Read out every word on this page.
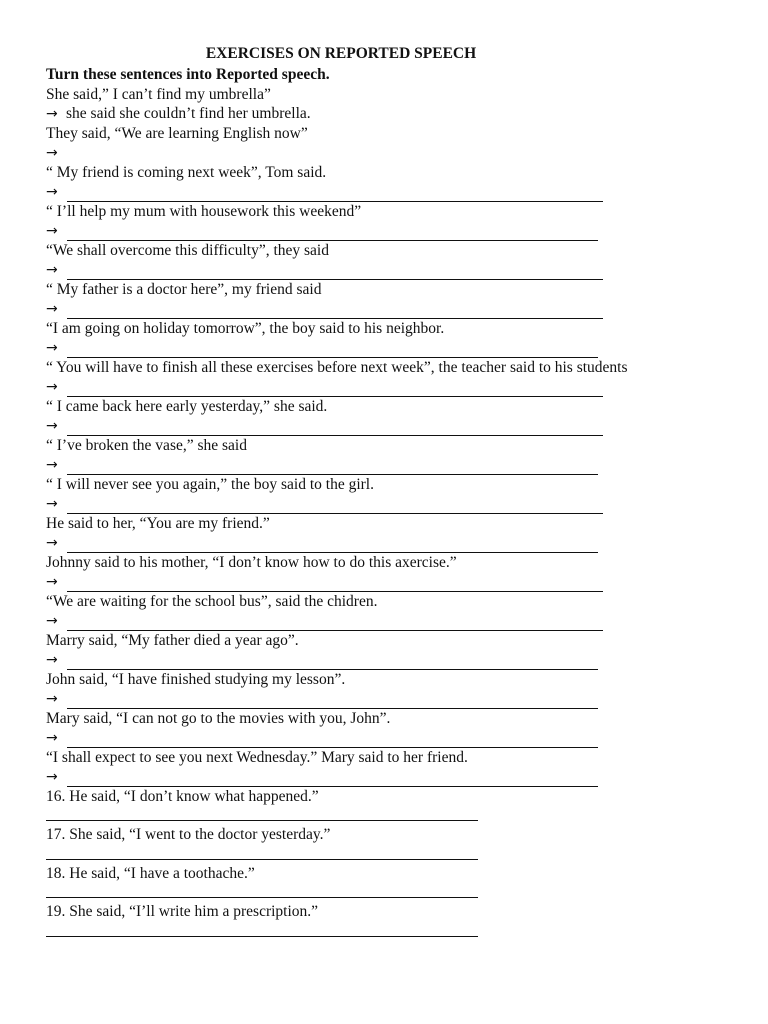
EXERCISES ON REPORTED SPEECH
Turn these sentences into Reported speech.
She said,” I can’t find my umbrella”
→ she said she couldn’t find her umbrella.
They said, “We are learning English now”
→
“ My friend is coming next week”, Tom said.
→
“ I’ll help my mum with housework this weekend”
→
“We shall overcome this difficulty”, they said
→
“ My father is a doctor here”, my friend said
→
“I am going on holiday tomorrow”, the boy said to his neighbor.
→
“ You will have to finish all these exercises before next week”, the teacher said to his students
→
“ I came back here early yesterday,” she said.
→
“ I’ve broken the vase,” she said
→
“ I will never see you again,” the boy said to the girl.
→
He said to her, “You are my friend.”
→
Johnny said to his mother, “I don’t know how to do this axercise.”
→
“We are waiting for the school bus”, said the chidren.
→
Marry said, “My father died a year ago”.
→
John said, “I have finished studying my lesson”.
→
Mary said, “I can not go to the movies with you, John”.
→
“I shall expect to see you next Wednesday.” Mary said to her friend.
→
16. He said, “I don’t know what happened.”
17. She said, “I went to the doctor yesterday.”
18. He said, “I have a toothache.”
19. She said, “I’ll write him a prescription.”
